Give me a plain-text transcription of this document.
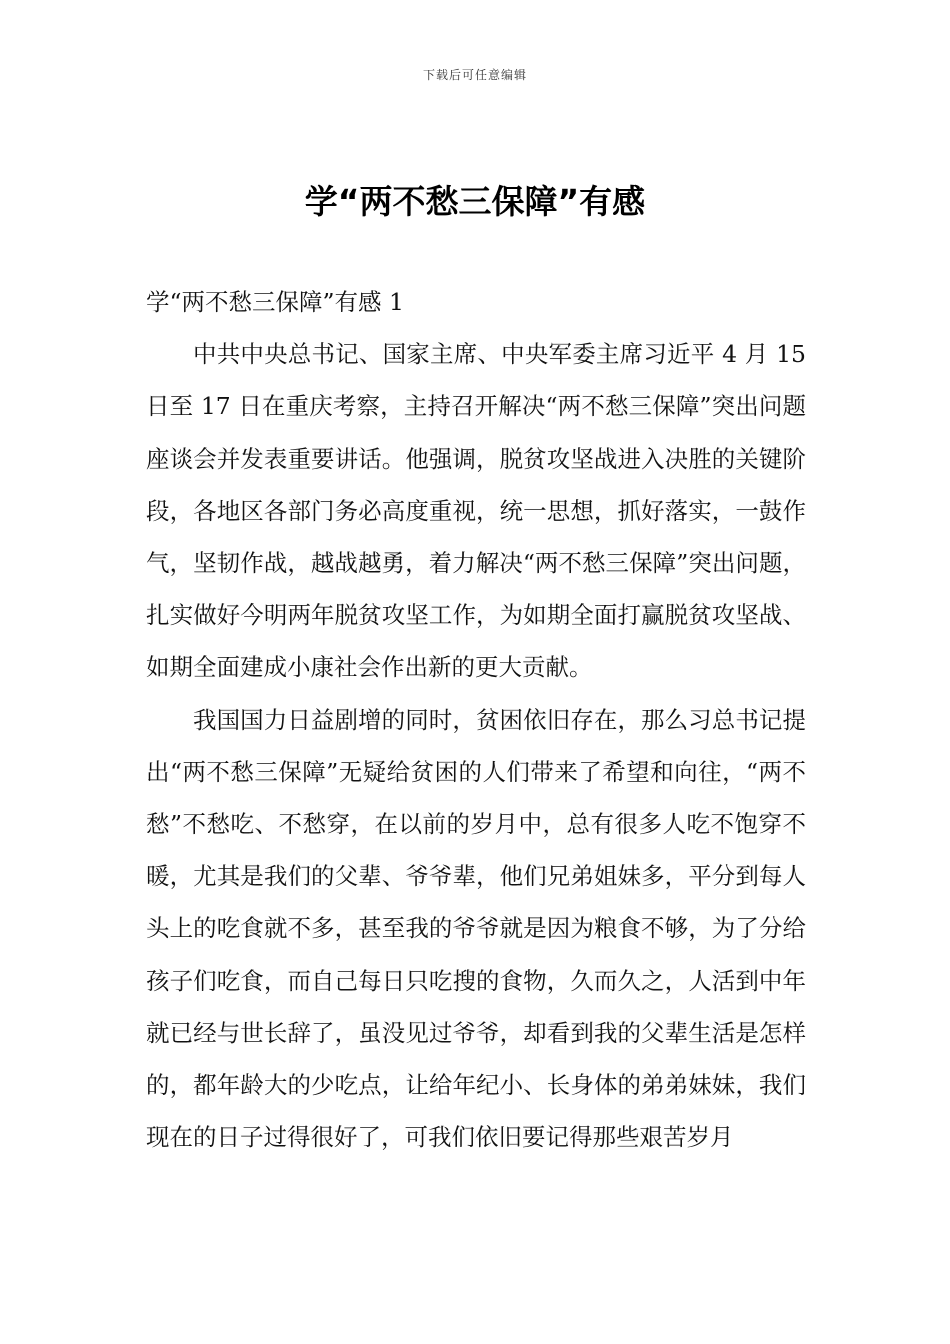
下载后可任意编辑
学“两不愁三保障”有感

学“两不愁三保障”有感 1

中共中央总书记、国家主席、中央军委主席习近平 4 月 15 日至 17 日在重庆考察，主持召开解决“两不愁三保障”突出问题座谈会并发表重要讲话。他强调，脱贫攻坚战进入决胜的关键阶段，各地区各部门务必高度重视，统一思想，抓好落实，一鼓作气，坚韧作战，越战越勇，着力解决“两不愁三保障”突出问题，扎实做好今明两年脱贫攻坚工作，为如期全面打赢脱贫攻坚战、如期全面建成小康社会作出新的更大贡献。

我国国力日益剧增的同时，贫困依旧存在，那么习总书记提出“两不愁三保障”无疑给贫困的人们带来了希望和向往，“两不愁”不愁吃、不愁穿，在以前的岁月中，总有很多人吃不饱穿不暖，尤其是我们的父辈、爷爷辈，他们兄弟姐妹多，平分到每人头上的吃食就不多，甚至我的爷爷就是因为粮食不够，为了分给孩子们吃食，而自己每日只吃搜的食物，久而久之，人活到中年就已经与世长辞了，虽没见过爷爷，却看到我的父辈生活是怎样的，都年龄大的少吃点，让给年纪小、长身体的弟弟妹妹，我们现在的日子过得很好了，可我们依旧要记得那些艰苦岁月
